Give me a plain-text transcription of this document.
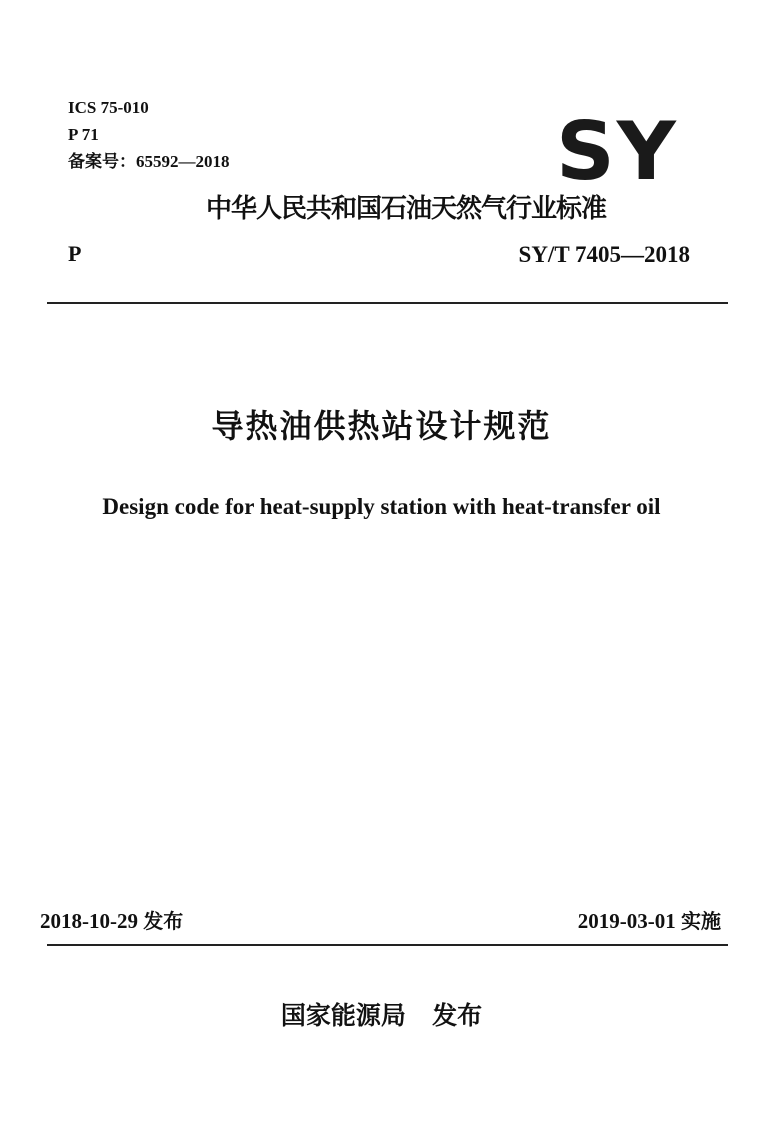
ICS 75-010
P 71
备案号：65592—2018	SY
中华人民共和国石油天然气行业标准
P	SY/T 7405—2018
导热油供热站设计规范
Design code for heat-supply station with heat-transfer oil
2018-10-29 发布	2019-03-01 实施
国家能源局 发布
